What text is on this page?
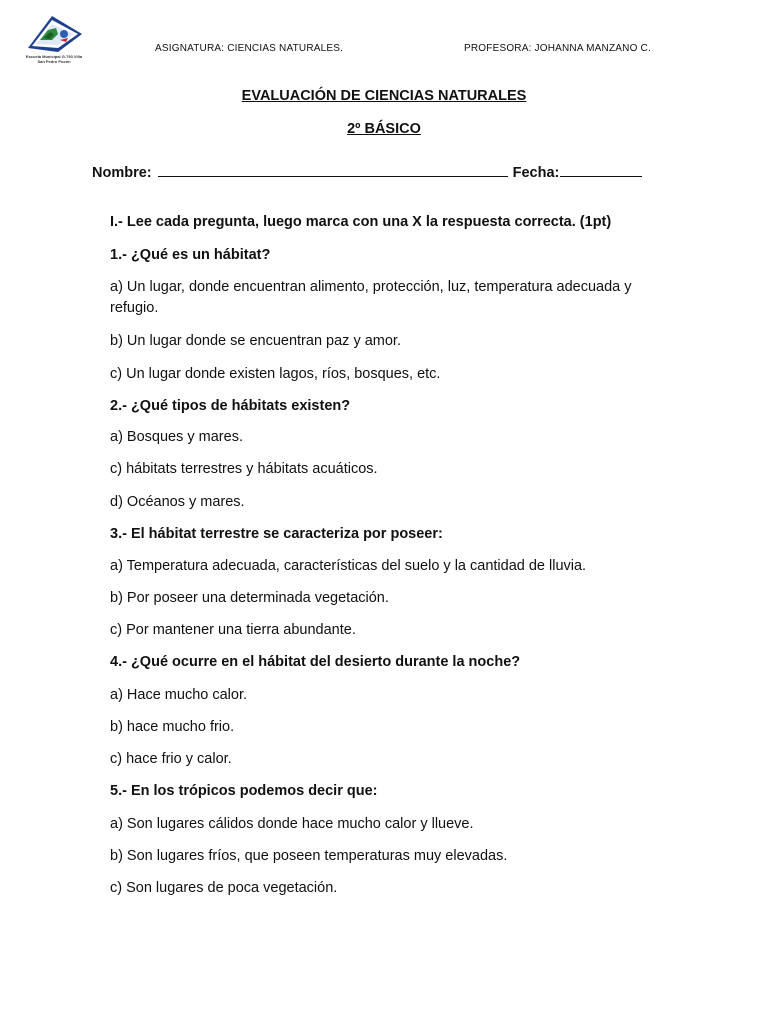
Escuela Municipal G-793 Villa San Pedro Pucón
ASIGNATURA: CIENCIAS NATURALES.	PROFESORA: JOHANNA MANZANO C.
EVALUACIÓN DE CIENCIAS NATURALES
2º BÁSICO
Nombre:	Fecha:
I.- Lee cada pregunta, luego marca con una X la respuesta correcta. (1pt)
1.- ¿Qué es un hábitat?
a) Un lugar, donde encuentran alimento, protección, luz, temperatura adecuada y refugio.
b) Un lugar donde se encuentran paz y amor.
c) Un lugar donde existen lagos, ríos, bosques, etc.
2.- ¿Qué tipos de hábitats existen?
a) Bosques y mares.
c) hábitats terrestres y hábitats acuáticos.
d) Océanos y mares.
3.- El hábitat terrestre se caracteriza por poseer:
a) Temperatura adecuada, características del suelo y la cantidad de lluvia.
b) Por poseer una determinada vegetación.
c) Por mantener una tierra abundante.
4.- ¿Qué ocurre en el hábitat del desierto durante la noche?
a) Hace mucho calor.
b) hace mucho frio.
c) hace frio y calor.
5.- En los trópicos podemos decir que:
a) Son lugares cálidos donde hace mucho calor y llueve.
b) Son lugares fríos, que poseen temperaturas muy elevadas.
c) Son lugares de poca vegetación.
